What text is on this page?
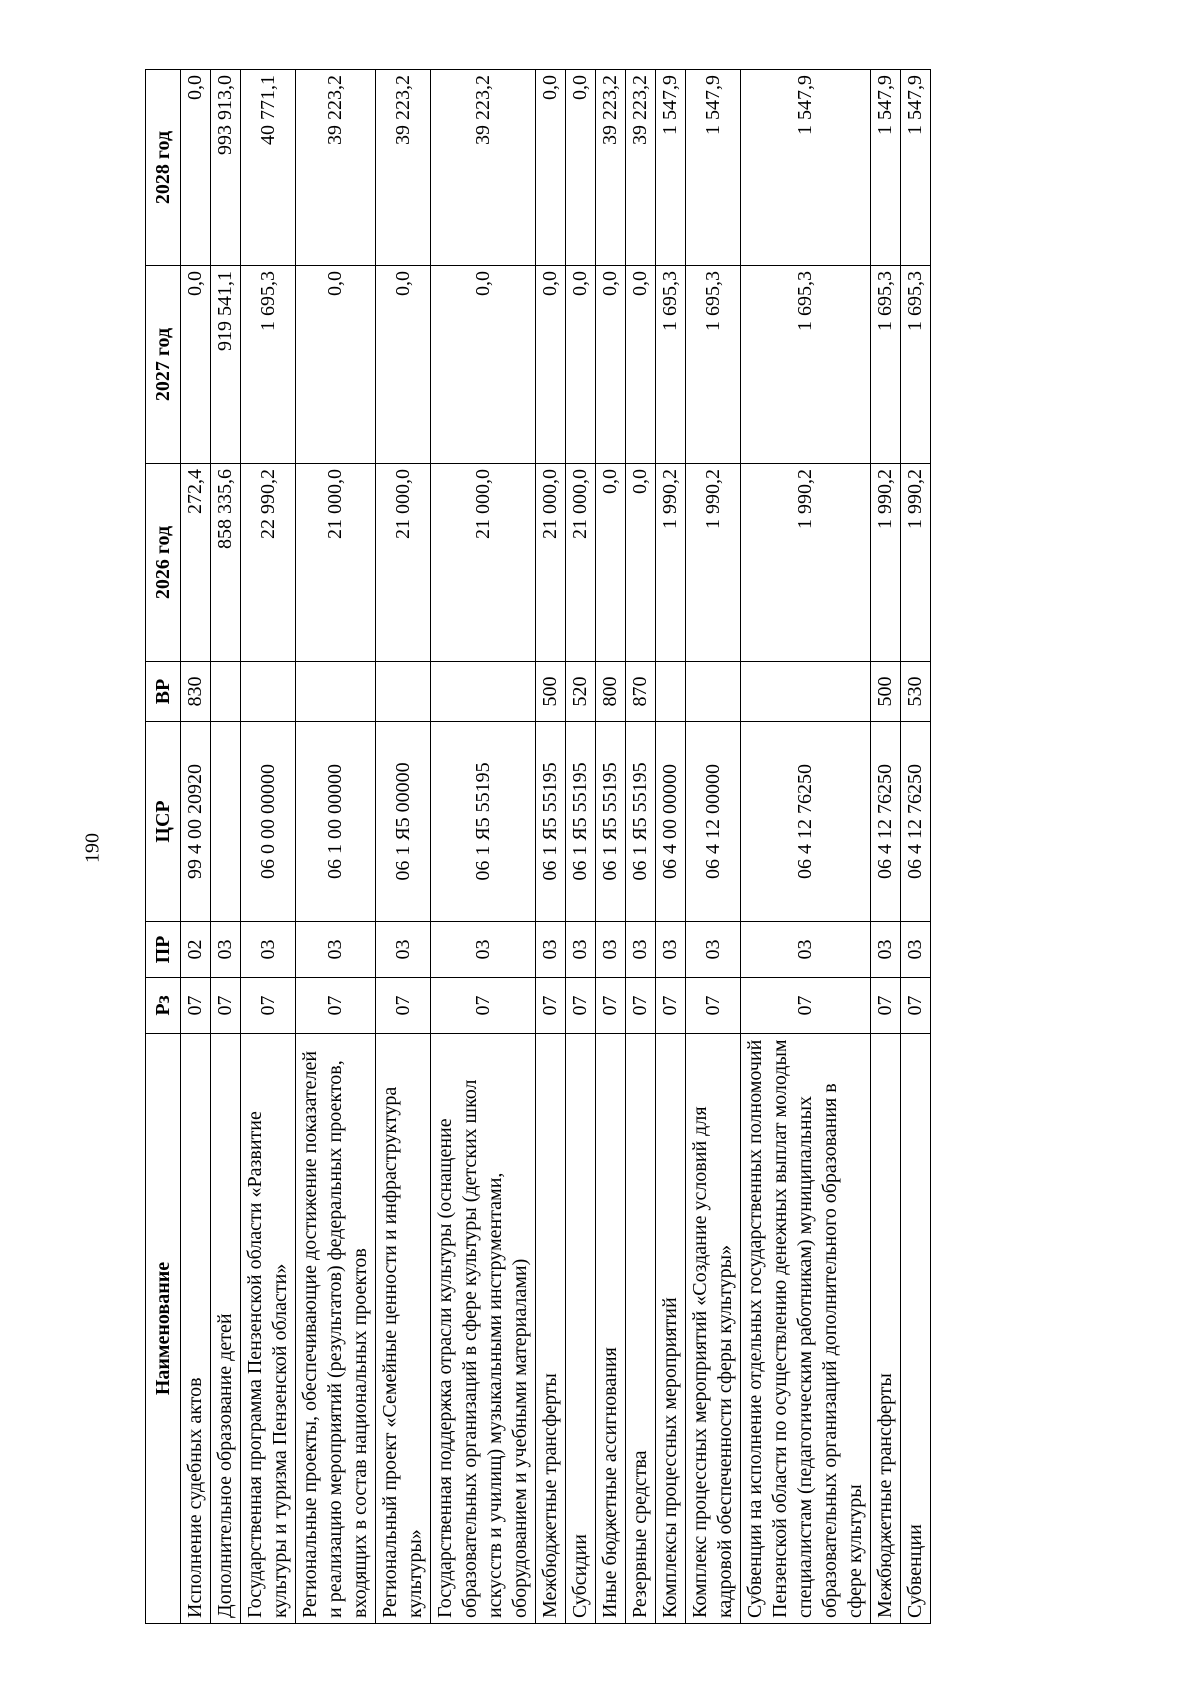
190
Наименование	Рз	ПР	ЦСР	ВР	2026 год	2027 год	2028 год
Исполнение судебных актов	07	02	99 4 00 20920	830	272,4	0,0	0,0
Дополнительное образование детей	07	03			858 335,6	919 541,1	993 913,0
Государственная программа Пензенской области «Развитие культуры и туризма Пензенской области»	07	03	06 0 00 00000		22 990,2	1 695,3	40 771,1
Региональные проекты, обеспечивающие достижение показателей и реализацию мероприятий (результатов) федеральных проектов, входящих в состав национальных проектов	07	03	06 1 00 00000		21 000,0	0,0	39 223,2
Региональный проект «Семейные ценности и инфраструктура культуры»	07	03	06 1 Я5 00000		21 000,0	0,0	39 223,2
Государственная поддержка отрасли культуры (оснащение образовательных организаций в сфере культуры (детских школ искусств и училищ) музыкальными инструментами, оборудованием и учебными материалами)	07	03	06 1 Я5 55195		21 000,0	0,0	39 223,2
Межбюджетные трансферты	07	03	06 1 Я5 55195	500	21 000,0	0,0	0,0
Субсидии	07	03	06 1 Я5 55195	520	21 000,0	0,0	0,0
Иные бюджетные ассигнования	07	03	06 1 Я5 55195	800	0,0	0,0	39 223,2
Резервные средства	07	03	06 1 Я5 55195	870	0,0	0,0	39 223,2
Комплексы процессных мероприятий	07	03	06 4 00 00000		1 990,2	1 695,3	1 547,9
Комплекс процессных мероприятий «Создание условий для кадровой обеспеченности сферы культуры»	07	03	06 4 12 00000		1 990,2	1 695,3	1 547,9
Субвенции на исполнение отдельных государственных полномочий Пензенской области по осуществлению денежных выплат молодым специалистам (педагогическим работникам) муниципальных образовательных организаций дополнительного образования в сфере культуры	07	03	06 4 12 76250		1 990,2	1 695,3	1 547,9
Межбюджетные трансферты	07	03	06 4 12 76250	500	1 990,2	1 695,3	1 547,9
Субвенции	07	03	06 4 12 76250	530	1 990,2	1 695,3	1 547,9
